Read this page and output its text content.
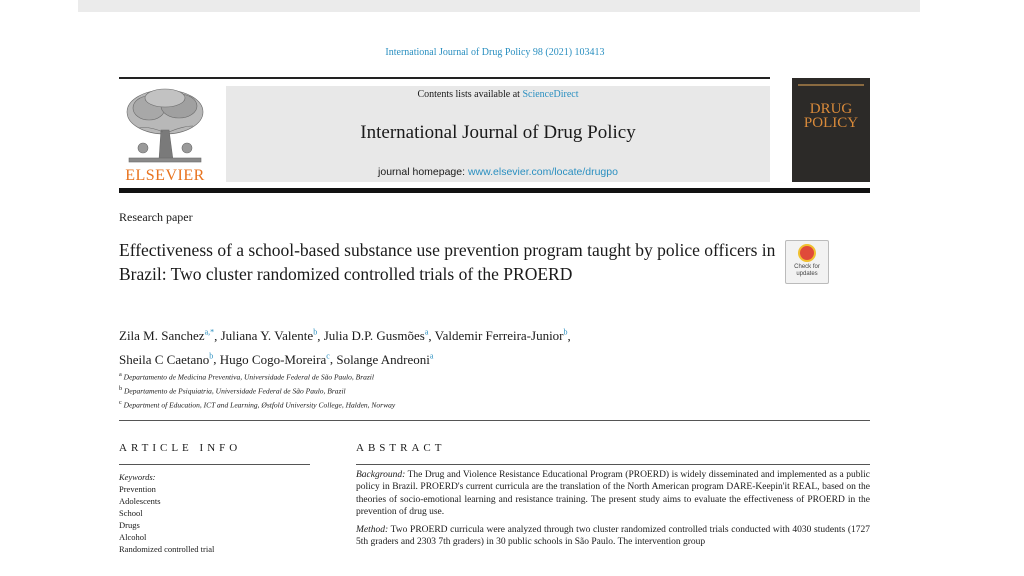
International Journal of Drug Policy 98 (2021) 103413
ELSEVIER
Contents lists available at ScienceDirect
International Journal of Drug Policy
journal homepage: www.elsevier.com/locate/drugpo
DRUG
POLICY
Research paper
Effectiveness of a school-based substance use prevention program taught by police officers in Brazil: Two cluster randomized controlled trials of the PROERD	Check for
updates
Zila M. Sanchez$^{a,*}$, Juliana Y. Valente$^b$, Julia D.P. Gusmões$^a$, Valdemir Ferreira-Junior$^b$,
Sheila C Caetano$^b$, Hugo Cogo-Moreira$^c$, Solange Andreoni$^a$
$^a$ Departamento de Medicina Preventiva, Universidade Federal de São Paulo, Brazil
$^b$ Departamento de Psiquiatria, Universidade Federal de São Paulo, Brazil
$^c$ Department of Education, ICT and Learning, Østfold University College, Halden, Norway
ARTICLE INFO
Keywords:
Prevention
Adolescents
School
Drugs
Alcohol
Randomized controlled trial
ABSTRACT

Background: The Drug and Violence Resistance Educational Program (PROERD) is widely disseminated and implemented as a public policy in Brazil. PROERD's current curricula are the translation of the North American program DARE-Keepin'it REAL, based on the theories of socio-emotional learning and resistance training. The present study aims to evaluate the effectiveness of PROERD in the prevention of drug use.

Method: Two PROERD curricula were analyzed through two cluster randomized controlled trials conducted with 4030 students (1727 5th graders and 2303 7th graders) in 30 public schools in São Paulo. The intervention group
